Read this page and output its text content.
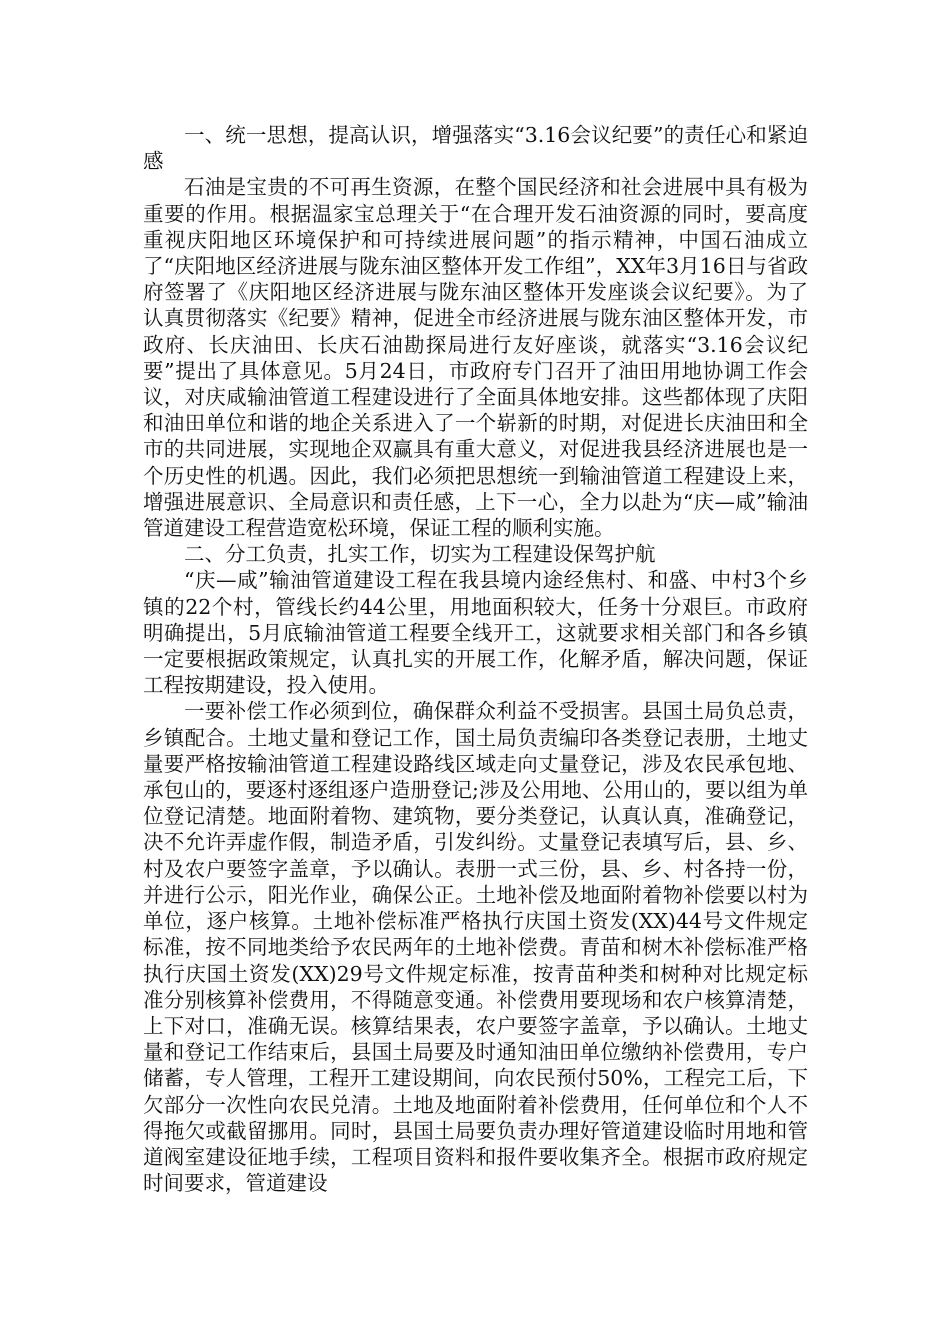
一、统一思想，提高认识，增强落实“3.16会议纪要”的责任心和紧迫感

石油是宝贵的不可再生资源，在整个国民经济和社会进展中具有极为重要的作用。根据温家宝总理关于“在合理开发石油资源的同时，要高度重视庆阳地区环境保护和可持续进展问题”的指示精神，中国石油成立了“庆阳地区经济进展与陇东油区整体开发工作组”，XX年3月16日与省政府签署了《庆阳地区经济进展与陇东油区整体开发座谈会议纪要》。为了认真贯彻落实《纪要》精神，促进全市经济进展与陇东油区整体开发，市政府、长庆油田、长庆石油勘探局进行友好座谈，就落实“3.16会议纪要”提出了具体意见。5月24日，市政府专门召开了油田用地协调工作会议，对庆咸输油管道工程建设进行了全面具体地安排。这些都体现了庆阳和油田单位和谐的地企关系进入了一个崭新的时期，对促进长庆油田和全市的共同进展，实现地企双赢具有重大意义，对促进我县经济进展也是一个历史性的机遇。因此，我们必须把思想统一到输油管道工程建设上来，增强进展意识、全局意识和责任感，上下一心，全力以赴为“庆—咸”输油管道建设工程营造宽松环境，保证工程的顺利实施。

二、分工负责，扎实工作，切实为工程建设保驾护航

“庆—咸”输油管道建设工程在我县境内途经焦村、和盛、中村3个乡镇的22个村，管线长约44公里，用地面积较大，任务十分艰巨。市政府明确提出，5月底输油管道工程要全线开工，这就要求相关部门和各乡镇一定要根据政策规定，认真扎实的开展工作，化解矛盾，解决问题，保证工程按期建设，投入使用。

一要补偿工作必须到位，确保群众利益不受损害。县国土局负总责，乡镇配合。土地丈量和登记工作，国土局负责编印各类登记表册，土地丈量要严格按输油管道工程建设路线区域走向丈量登记，涉及农民承包地、承包山的，要逐村逐组逐户造册登记;涉及公用地、公用山的，要以组为单位登记清楚。地面附着物、建筑物，要分类登记，认真认真，准确登记，决不允许弄虚作假，制造矛盾，引发纠纷。丈量登记表填写后，县、乡、村及农户要签字盖章，予以确认。表册一式三份，县、乡、村各持一份，并进行公示，阳光作业，确保公正。土地补偿及地面附着物补偿要以村为单位，逐户核算。土地补偿标准严格执行庆国土资发(XX)44号文件规定标准，按不同地类给予农民两年的土地补偿费。青苗和树木补偿标准严格执行庆国土资发(XX)29号文件规定标准，按青苗种类和树种对比规定标准分别核算补偿费用，不得随意变通。补偿费用要现场和农户核算清楚，上下对口，准确无误。核算结果表，农户要签字盖章，予以确认。土地丈量和登记工作结束后，县国土局要及时通知油田单位缴纳补偿费用，专户储蓄，专人管理，工程开工建设期间，向农民预付50%，工程完工后，下欠部分一次性向农民兑清。土地及地面附着补偿费用，任何单位和个人不得拖欠或截留挪用。同时，县国土局要负责办理好管道建设临时用地和管道阀室建设征地手续，工程项目资料和报件要收集齐全。根据市政府规定时间要求，管道建设
